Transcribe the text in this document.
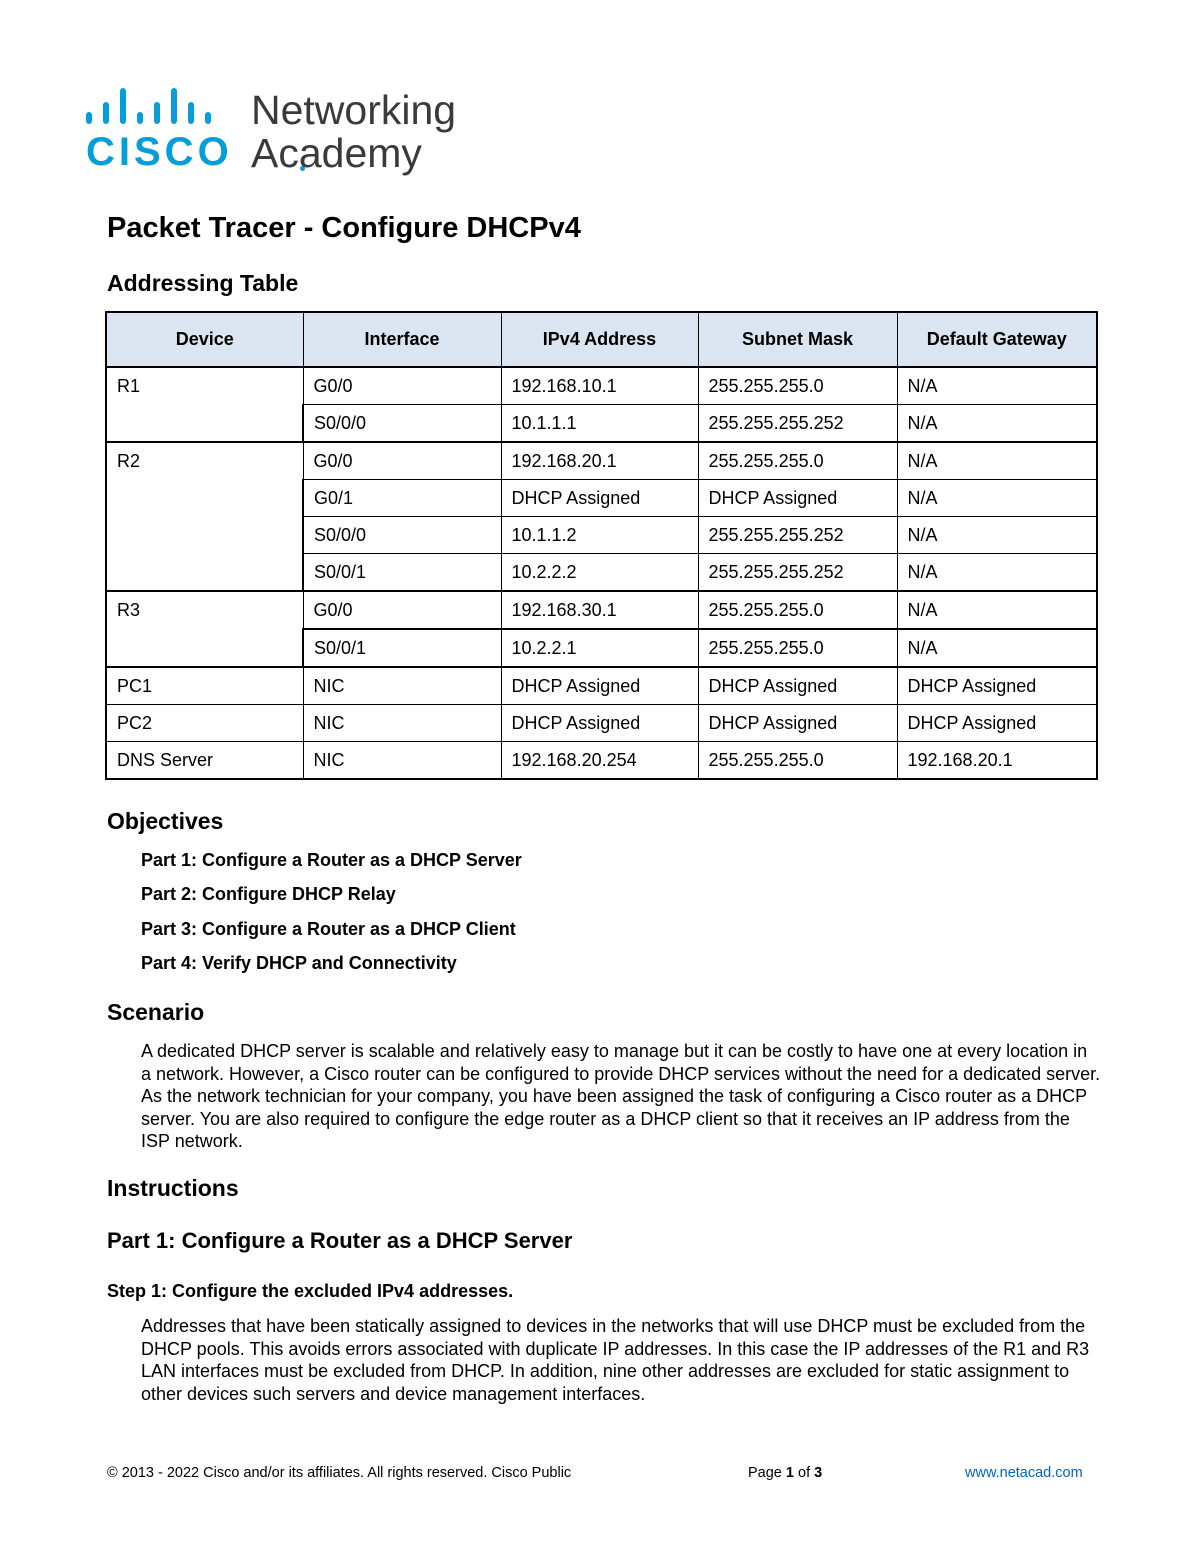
CISCO
Networking
Academy
Packet Tracer - Configure DHCPv4
Addressing Table
Device	Interface	IPv4 Address	Subnet Mask	Default Gateway
R1	G0/0	192.168.10.1	255.255.255.0	N/A
	S0/0/0	10.1.1.1	255.255.255.252	N/A
R2	G0/0	192.168.20.1	255.255.255.0	N/A
	G0/1	DHCP Assigned	DHCP Assigned	N/A
	S0/0/0	10.1.1.2	255.255.255.252	N/A
	S0/0/1	10.2.2.2	255.255.255.252	N/A
R3	G0/0	192.168.30.1	255.255.255.0	N/A
	S0/0/1	10.2.2.1	255.255.255.0	N/A
PC1	NIC	DHCP Assigned	DHCP Assigned	DHCP Assigned
PC2	NIC	DHCP Assigned	DHCP Assigned	DHCP Assigned
DNS Server	NIC	192.168.20.254	255.255.255.0	192.168.20.1
Objectives
Part 1: Configure a Router as a DHCP Server
Part 2: Configure DHCP Relay
Part 3: Configure a Router as a DHCP Client
Part 4: Verify DHCP and Connectivity
Scenario

A dedicated DHCP server is scalable and relatively easy to manage but it can be costly to have one at every location in a network. However, a Cisco router can be configured to provide DHCP services without the need for a dedicated server. As the network technician for your company, you have been assigned the task of configuring a Cisco router as a DHCP server. You are also required to configure the edge router as a DHCP client so that it receives an IP address from the ISP network.

Instructions
Part 1: Configure a Router as a DHCP Server
Step 1: Configure the excluded IPv4 addresses.

Addresses that have been statically assigned to devices in the networks that will use DHCP must be excluded from the DHCP pools. This avoids errors associated with duplicate IP addresses. In this case the IP addresses of the R1 and R3 LAN interfaces must be excluded from DHCP. In addition, nine other addresses are excluded for static assignment to other devices such servers and device management interfaces.

© 2013 - 2022 Cisco and/or its affiliates. All rights reserved. Cisco Public	Page 1 of 3	www.netacad.com
